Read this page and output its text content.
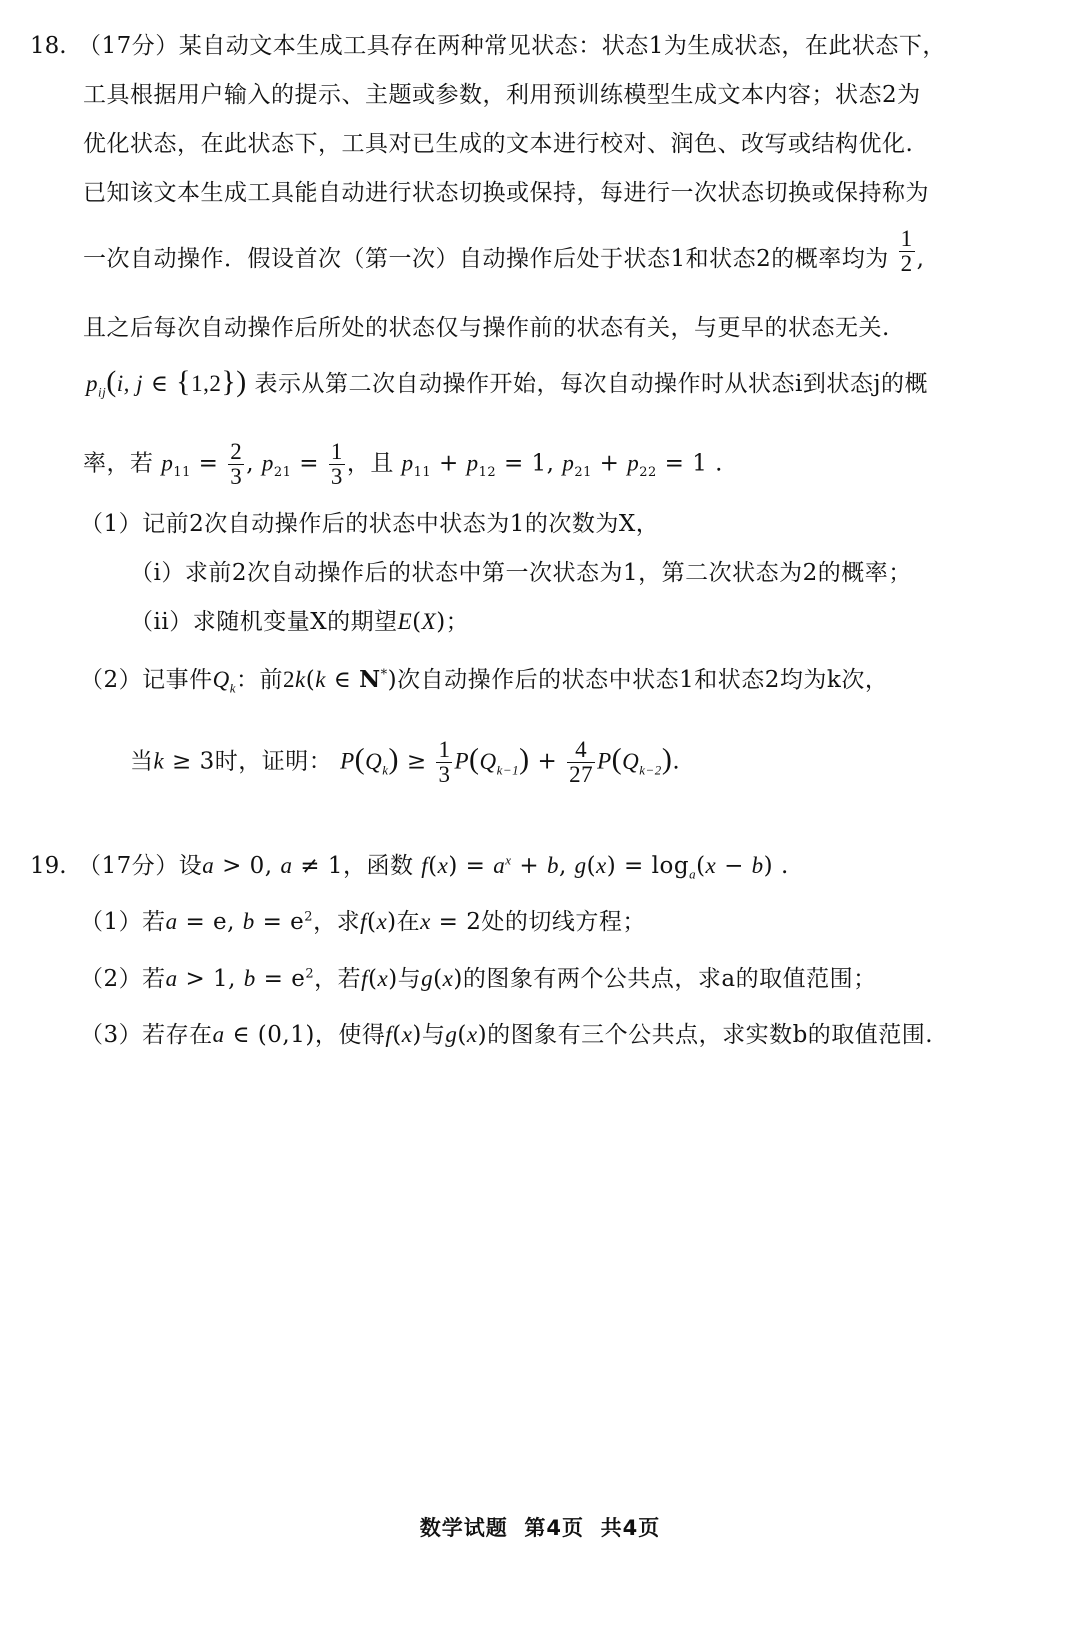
18. （17分）某自动文本生成工具存在两种常见状态：状态1为生成状态，在此状态下，
工具根据用户输入的提示、主题或参数，利用预训练模型生成文本内容；状态2为
优化状态，在此状态下，工具对已生成的文本进行校对、润色、改写或结构优化.
已知该文本生成工具能自动进行状态切换或保持，每进行一次状态切换或保持称为
一次自动操作．假设首次（第一次）自动操作后处于状态1和状态2的概率均为 $\frac{1}{2}$ ,
且之后每次自动操作后所处的状态仅与操作前的状态有关，与更早的状态无关.
$p_{ij}(i$, j ∈ {1,2}) 表示从第二次自动操作开始，每次自动操作时从状态i到状态j的概
率，若 $p_{11} = \frac{2}{3}$ , $p_{21} = \frac{1}{3}$ ，且 $p_{11} + p_{12} = 1$, $p_{21} + p_{22} = 1$ .
（1）记前2次自动操作后的状态中状态为1的次数为X，
（i）求前2次自动操作后的状态中第一次状态为1，第二次状态为2的概率；
（ii）求随机变量X的期望E(X)；
（2）记事件$Q_k$：前2k(k ∈ N*)次自动操作后的状态中状态1和状态2均为k次，
当k ≥ 3时，证明： $P(Q_k) \ge \frac{1}{3} P(Q_{k-1}) + \frac{4}{27} P(Q_{k-2})$.
19. （17分）设a > 0, a ≠ 1，函数 $f(x) = a^x + b$, $g(x) = \log_a(x - b)$ .
（1）若a = e, $b = e^2$，求f(x)在x = 2处的切线方程；
（2）若a > 1, $b = e^2$，若f(x)与g(x)的图象有两个公共点，求a的取值范围；
（3）若存在a ∈ (0,1)，使得f(x)与g(x)的图象有三个公共点，求实数b的取值范围.
数学试题 第4页 共4页
